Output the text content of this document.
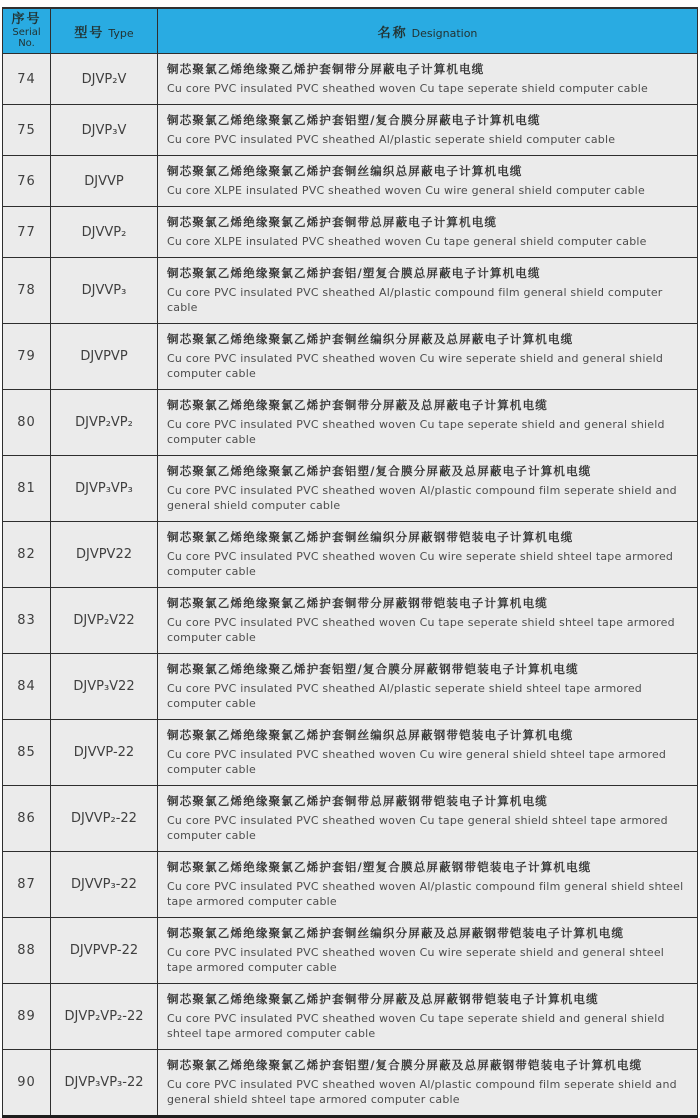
序号
Serial No.	型号 Type	名称 Designation
74	DJVP₂V	铜芯聚氯乙烯绝缘聚乙烯护套铜带分屏蔽电子计算机电缆
Cu core PVC insulated PVC sheathed woven Cu tape seperate shield computer cable

75	DJVP₃V	铜芯聚氯乙烯绝缘聚氯乙烯护套铝塑/复合膜分屏蔽电子计算机电缆
Cu core PVC insulated PVC sheathed Al/plastic seperate shield computer cable

76	DJVVP	铜芯聚氯乙烯绝缘聚氯乙烯护套铜丝编织总屏蔽电子计算机电缆
Cu core XLPE insulated PVC sheathed woven Cu wire general shield computer cable

77	DJVVP₂	铜芯聚氯乙烯绝缘聚氯乙烯护套铜带总屏蔽电子计算机电缆
Cu core XLPE insulated PVC sheathed woven Cu tape general shield computer cable

78	DJVVP₃	铜芯聚氯乙烯绝缘聚氯乙烯护套铝/塑复合膜总屏蔽电子计算机电缆
Cu core PVC insulated PVC sheathed Al/plastic compound film general shield computer cable

79	DJVPVP	铜芯聚氯乙烯绝缘聚氯乙烯护套铜丝编织分屏蔽及总屏蔽电子计算机电缆
Cu core PVC insulated PVC sheathed woven Cu wire seperate shield and general shield computer cable

80	DJVP₂VP₂	铜芯聚氯乙烯绝缘聚氯乙烯护套铜带分屏蔽及总屏蔽电子计算机电缆
Cu core PVC insulated PVC sheathed woven Cu tape seperate shield and general shield computer cable

81	DJVP₃VP₃	铜芯聚氯乙烯绝缘聚氯乙烯护套铝塑/复合膜分屏蔽及总屏蔽电子计算机电缆
Cu core PVC insulated PVC sheathed woven Al/plastic compound film seperate shield and general shield computer cable

82	DJVPV22	铜芯聚氯乙烯绝缘聚氯乙烯护套铜丝编织分屏蔽钢带铠装电子计算机电缆
Cu core PVC insulated PVC sheathed woven Cu wire seperate shield shteel tape armored computer cable

83	DJVP₂V22	铜芯聚氯乙烯绝缘聚氯乙烯护套铜带分屏蔽钢带铠装电子计算机电缆
Cu core PVC insulated PVC sheathed woven Cu tape seperate shield shteel tape armored computer cable

84	DJVP₃V22	铜芯聚氯乙烯绝缘聚乙烯护套铝塑/复合膜分屏蔽钢带铠装电子计算机电缆
Cu core PVC insulated PVC sheathed Al/plastic seperate shield shteel tape armored computer cable

85	DJVVP-22	铜芯聚氯乙烯绝缘聚氯乙烯护套铜丝编织总屏蔽钢带铠装电子计算机电缆
Cu core PVC insulated PVC sheathed woven Cu wire general shield shteel tape armored computer cable

86	DJVVP₂-22	铜芯聚氯乙烯绝缘聚氯乙烯护套铜带总屏蔽钢带铠装电子计算机电缆
Cu core PVC insulated PVC sheathed woven Cu tape general shield shteel tape armored computer cable

87	DJVVP₃-22	铜芯聚氯乙烯绝缘聚氯乙烯护套铝/塑复合膜总屏蔽钢带铠装电子计算机电缆
Cu core PVC insulated PVC sheathed woven Al/plastic compound film general shield shteel tape armored computer cable

88	DJVPVP-22	铜芯聚氯乙烯绝缘聚氯乙烯护套铜丝编织分屏蔽及总屏蔽钢带铠装电子计算机电缆
Cu core PVC insulated PVC sheathed woven Cu wire seperate shield and general shteel tape armored computer cable

89	DJVP₂VP₂-22	铜芯聚氯乙烯绝缘聚氯乙烯护套铜带分屏蔽及总屏蔽钢带铠装电子计算机电缆
Cu core PVC insulated PVC sheathed woven Cu tape seperate shield and general shield shteel tape armored computer cable

90	DJVP₃VP₃-22	铜芯聚氯乙烯绝缘聚氯乙烯护套铝塑/复合膜分屏蔽及总屏蔽钢带铠装电子计算机电缆
Cu core PVC insulated PVC sheathed woven Al/plastic compound film seperate shield and general shield shteel tape armored computer cable
